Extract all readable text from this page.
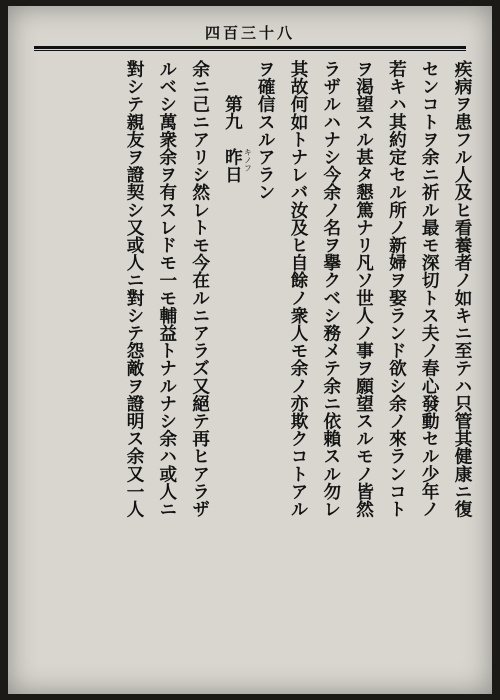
四百三十八
疾病ヲ患フル人及ヒ看養者ノ如キニ至テハ只管其健康ニ復
センコトヲ余ニ祈ル最モ深切トス夫ノ春心發動セル少年ノ
若キハ其約定セル所ノ新婦ヲ娶ランド欲シ余ノ來ランコト
ヲ渇望スル甚タ懇篤ナリ凡ソ世人ノ事ヲ願望スルモノ皆然
ラザルハナシ今余ノ名ヲ擧クベシ務メテ余ニ依賴スル勿レ
其故何如トナレバ汝及ヒ自餘ノ衆人モ余ノ亦欺クコトアル
ヲ確信スルアラン
第九　昨日 キノフ
余ニ己ニアリシ然レトモ今在ルニアラズ又絕テ再ヒアラザ
ルベシ萬衆余ヲ有スレドモ一モ輔益トナルナシ余ハ或人ニ
對シテ親友ヲ證契シ又或人ニ對シテ怨敵ヲ證明ス余又一人
